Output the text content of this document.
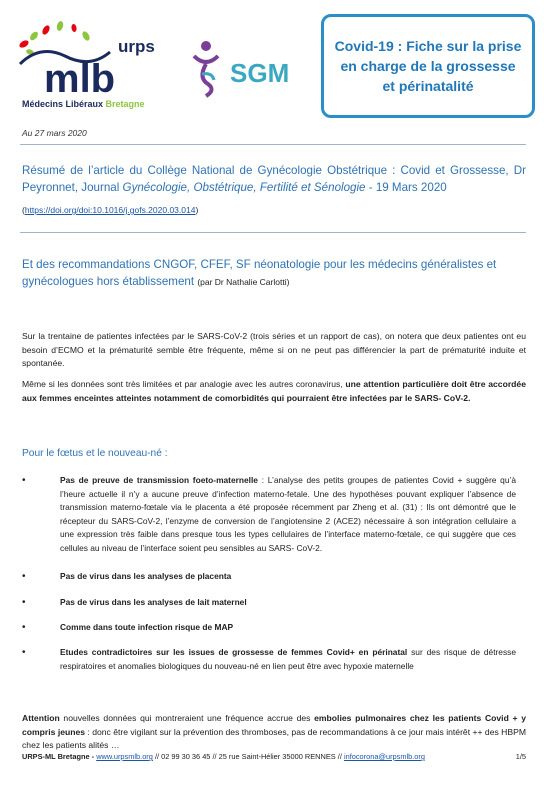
urps
mlb
Médecins Libéraux Bretagne
SGM
Covid-19 : Fiche sur la prise en charge de la grossesse et périnatalité
Au 27 mars 2020
Résumé de l’article du Collège National de Gynécologie Obstétrique : Covid et Grossesse, Dr Peyronnet, Journal Gynécologie, Obstétrique, Fertilité et Sénologie - 19 Mars 2020
(https://doi.org/doi:10.1016/j.gofs.2020.03.014)
Et des recommandations CNGOF, CFEF, SF néonatologie pour les médecins généralistes et gynécologues hors établissement (par Dr Nathalie Carlotti)
Sur la trentaine de patientes infectées par le SARS-CoV-2 (trois séries et un rapport de cas), on notera que deux patientes ont eu besoin d’ECMO et la prématurité semble être fréquente, même si on ne peut pas différencier la part de prématurité induite et spontanée.
Même si les données sont très limitées et par analogie avec les autres coronavirus, une attention particulière doit être accordée aux femmes enceintes atteintes notamment de comorbidités qui pourraient être infectées par le SARS- CoV-2.
Pour le fœtus et le nouveau-né :
•	Pas de preuve de transmission foeto-maternelle : L’analyse des petits groupes de patientes Covid + suggère qu’à l’heure actuelle il n’y a aucune preuve d’infection materno-fetale. Une des hypothèses pouvant expliquer l’absence de transmission materno-fœtale via le placenta a été proposée récemment par Zheng et al. (31) : Ils ont démontré que le récepteur du SARS-CoV-2, l’enzyme de conversion de l’angiotensine 2 (ACE2) nécessaire à son intégration cellulaire a une expression très faible dans presque tous les types cellulaires de l’interface materno-fœtale, ce qui suggère que ces cellules au niveau de l’interface soient peu sensibles au SARS- CoV-2.
•	Pas de virus dans les analyses de placenta
•	Pas de virus dans les analyses de lait maternel
•	Comme dans toute infection risque de MAP
•	Etudes contradictoires sur les issues de grossesse de femmes Covid+ en périnatal sur des risque de détresse respiratoires et anomalies biologiques du nouveau-né en lien peut être avec hypoxie maternelle
Attention nouvelles données qui montreraient une fréquence accrue des embolies pulmonaires chez les patients Covid + y compris jeunes : donc être vigilant sur la prévention des thromboses, pas de recommandations à ce jour mais intérêt ++ des HBPM chez les patients alités …
URPS-ML Bretagne - www.urpsmlb.org // 02 99 30 36 45 // 25 rue Saint-Hélier 35000 RENNES // infocorona@urpsmlb.org	1/5
